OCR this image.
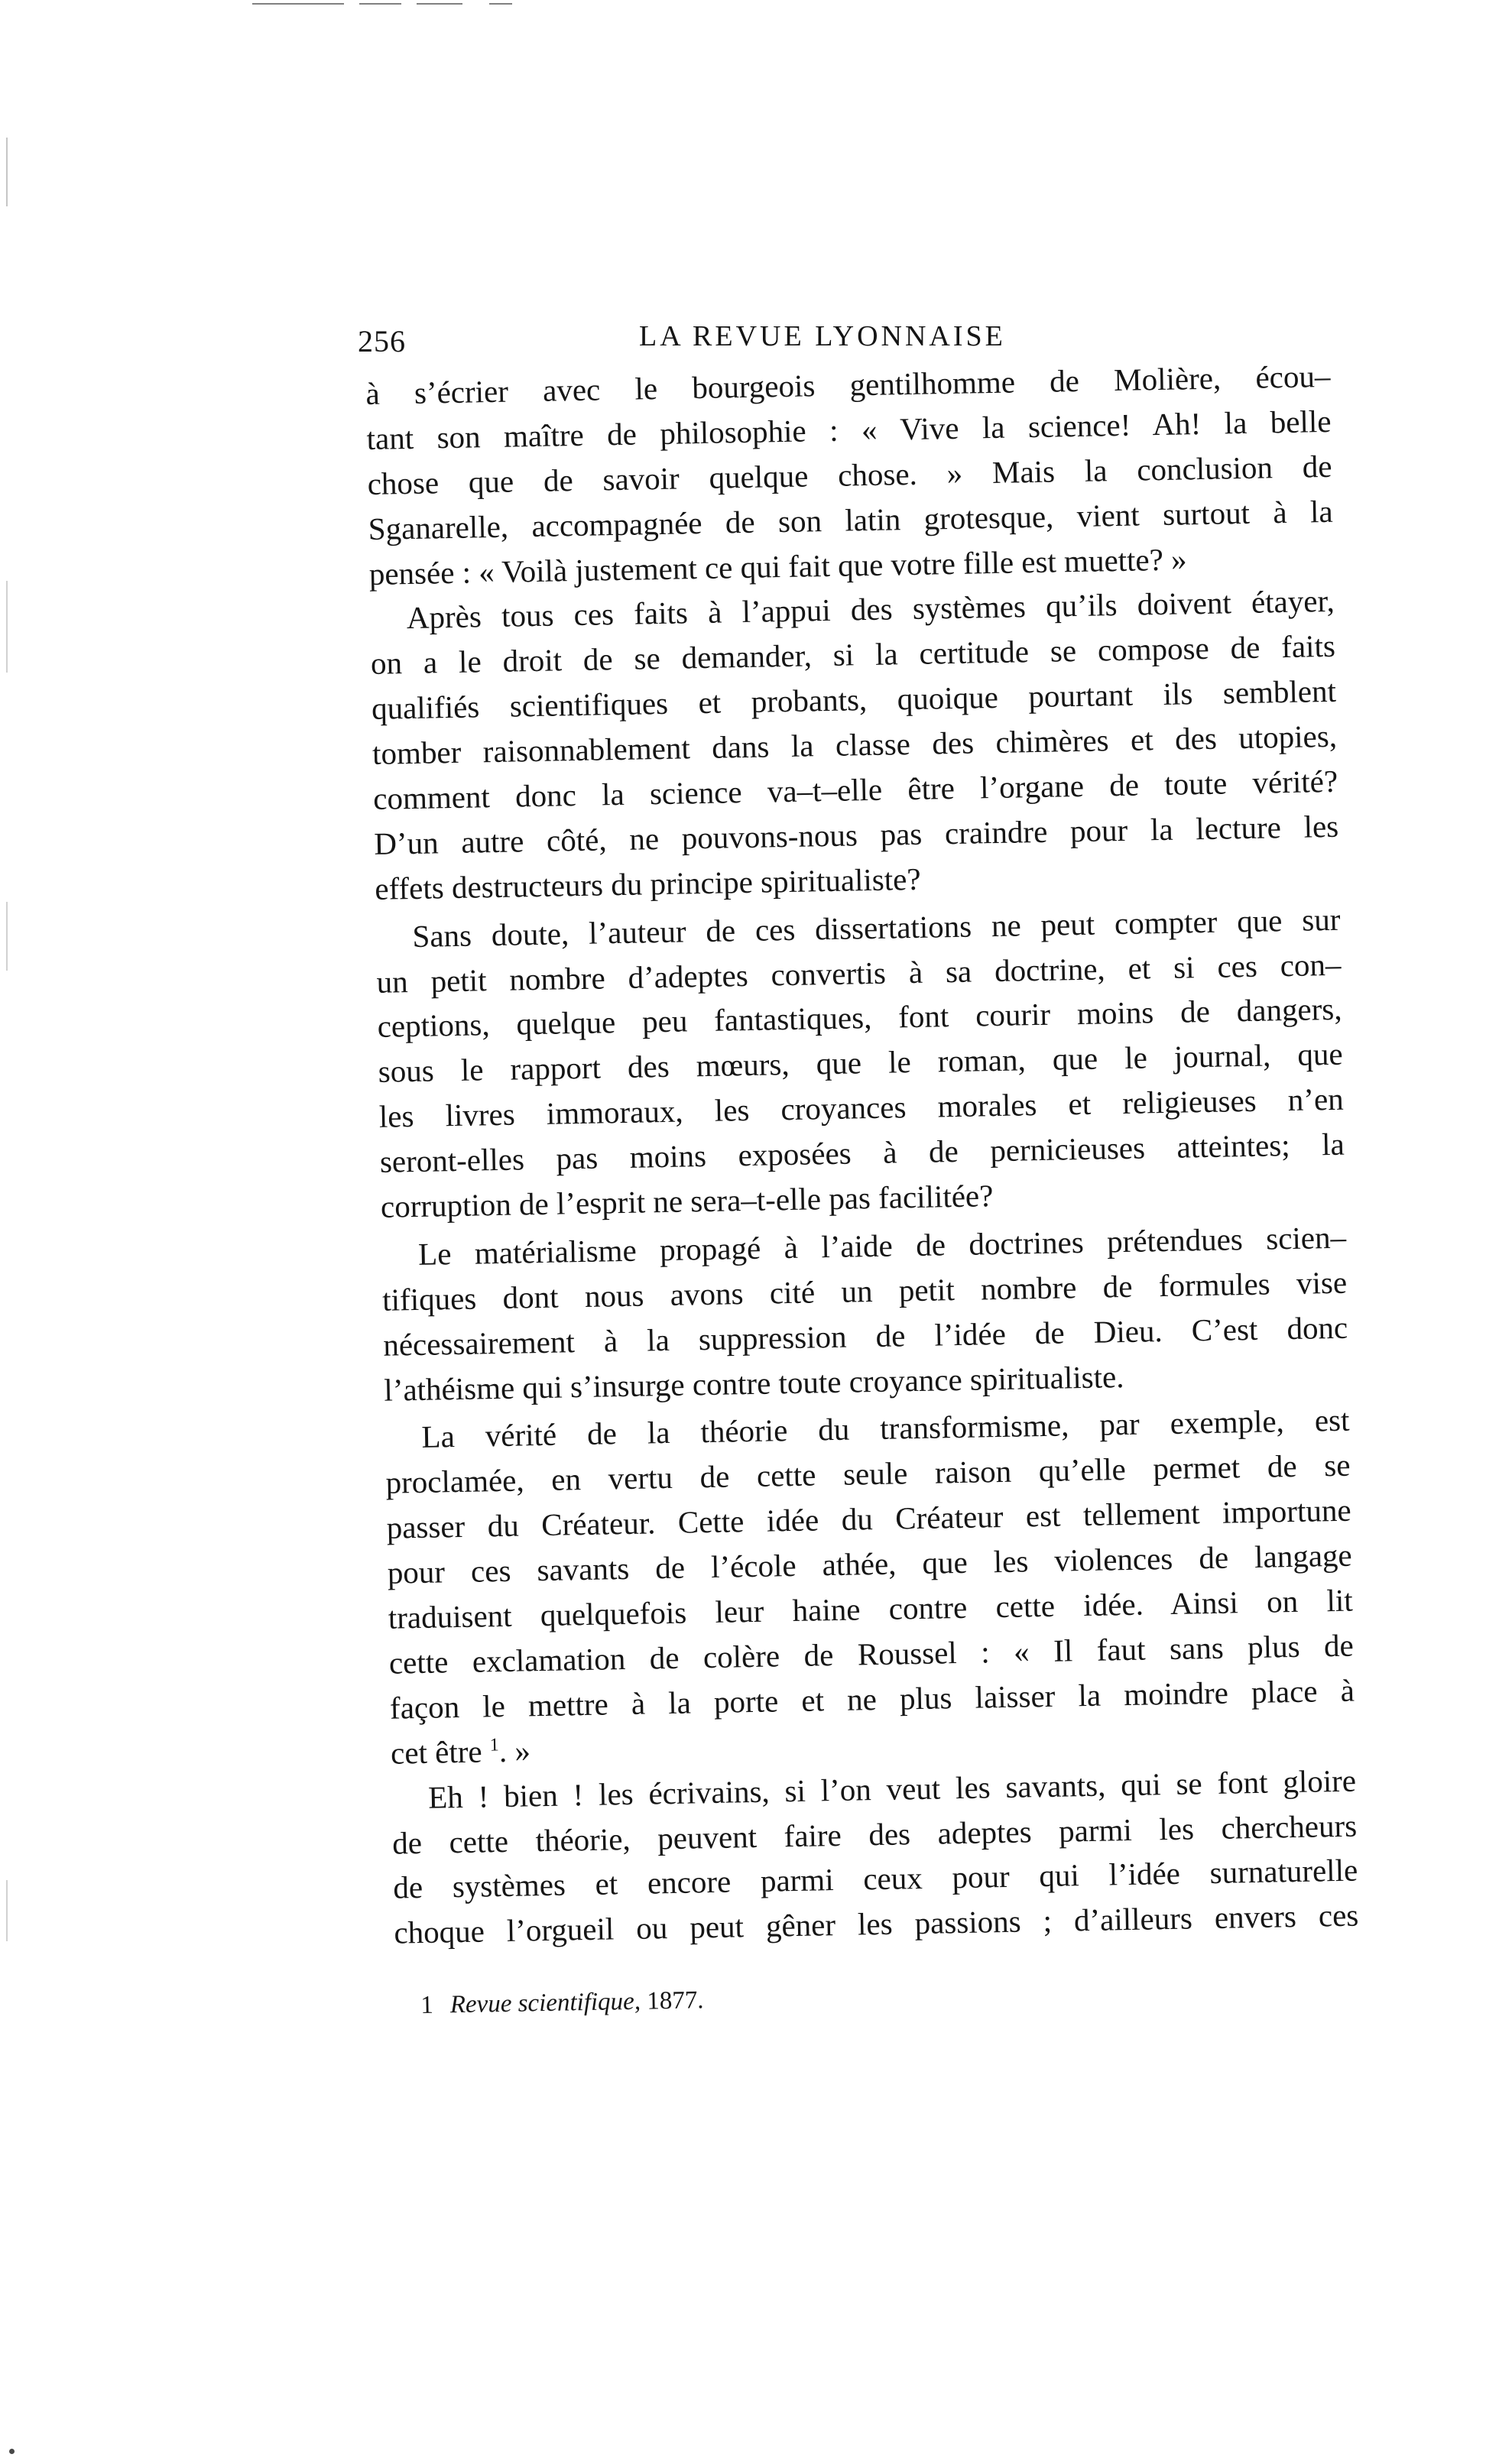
256	LA REVUE LYONNAISE

à s’écrier avec le bourgeois gentilhomme de Molière, écou–
tant son maître de philosophie : « Vive la science! Ah! la belle
chose que de savoir quelque chose. » Mais la conclusion de
Sganarelle, accompagnée de son latin grotesque, vient surtout à la
pensée : « Voilà justement ce qui fait que votre fille est muette? »
Après tous ces faits à l’appui des systèmes qu’ils doivent étayer,
on a le droit de se demander, si la certitude se compose de faits
qualifiés scientifiques et probants, quoique pourtant ils semblent
tomber raisonnablement dans la classe des chimères et des utopies,
comment donc la science va–t–elle être l’organe de toute vérité?
D’un autre côté, ne pouvons-nous pas craindre pour la lecture les
effets destructeurs du principe spiritualiste?
Sans doute, l’auteur de ces dissertations ne peut compter que sur
un petit nombre d’adeptes convertis à sa doctrine, et si ces con–
ceptions, quelque peu fantastiques, font courir moins de dangers,
sous le rapport des mœurs, que le roman, que le journal, que
les livres immoraux, les croyances morales et religieuses n’en
seront-elles pas moins exposées à de pernicieuses atteintes; la
corruption de l’esprit ne sera–t-elle pas facilitée?
Le matérialisme propagé à l’aide de doctrines prétendues scien–
tifiques dont nous avons cité un petit nombre de formules vise
nécessairement à la suppression de l’idée de Dieu. C’est donc
l’athéisme qui s’insurge contre toute croyance spiritualiste.
La vérité de la théorie du transformisme, par exemple, est
proclamée, en vertu de cette seule raison qu’elle permet de se
passer du Créateur. Cette idée du Créateur est tellement importune
pour ces savants de l’école athée, que les violences de langage
traduisent quelquefois leur haine contre cette idée. Ainsi on lit
cette exclamation de colère de Roussel : « Il faut sans plus de
façon le mettre à la porte et ne plus laisser la moindre place à
cet être $^1$. »
Eh ! bien ! les écrivains, si l’on veut les savants, qui se font gloire
de cette théorie, peuvent faire des adeptes parmi les chercheurs
de systèmes et encore parmi ceux pour qui l’idée surnaturelle
choque l’orgueil ou peut gêner les passions ; d’ailleurs envers ces

1 Revue scientifique, 1877.
